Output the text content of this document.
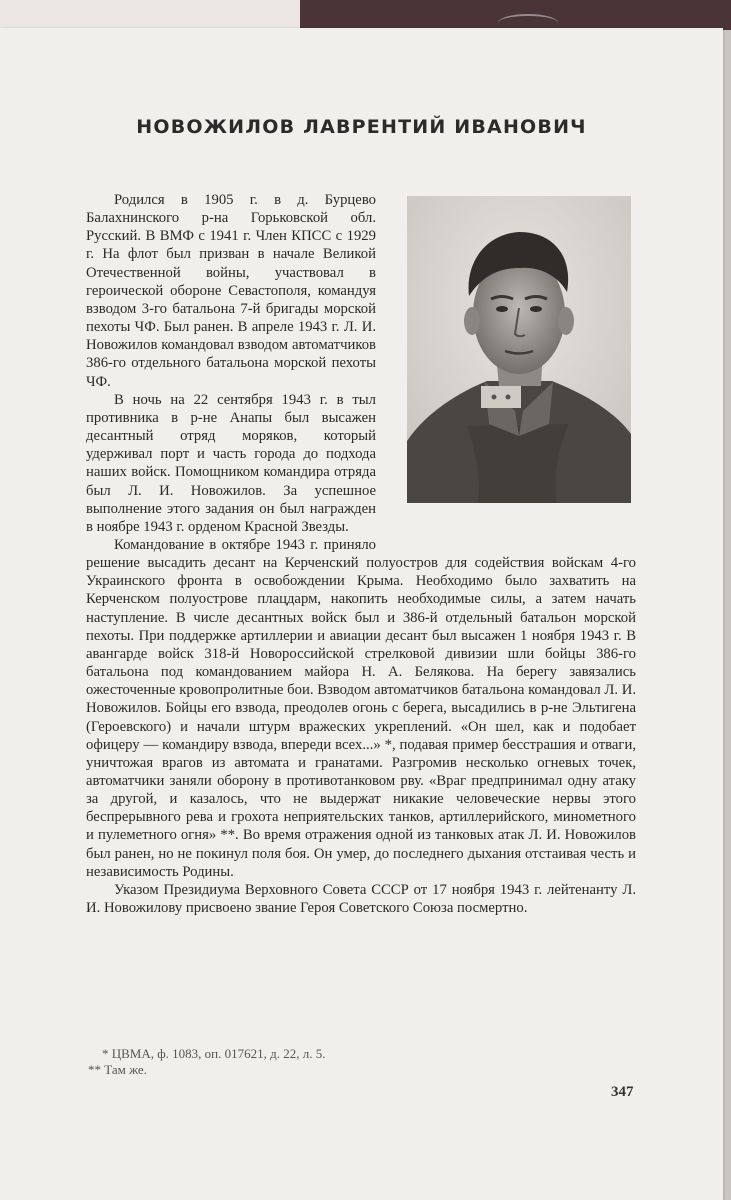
НОВОЖИЛОВ ЛАВРЕНТИЙ ИВАНОВИЧ

Родился в 1905 г. в д. Бурцево Балахнинского р-на Горьковской обл. Русский. В ВМФ с 1941 г. Член КПСС с 1929 г. На флот был призван в начале Великой Отечественной войны, участвовал в героической обороне Севастополя, командуя взводом 3-го батальона 7-й бригады морской пехоты ЧФ. Был ранен. В апреле 1943 г. Л. И. Новожилов командовал взводом автоматчиков 386-го отдельного батальона морской пехоты ЧФ.

В ночь на 22 сентября 1943 г. в тыл противника в р-не Анапы был высажен десантный отряд моряков, который удерживал порт и часть города до подхода наших войск. Помощником командира отряда был Л. И. Новожилов. За успешное выполнение этого задания он был награжден в ноябре 1943 г. орденом Красной Звезды.

Командование в октябре 1943 г. приняло решение высадить десант на Керченский полуостров для содействия войскам 4-го Украинского фронта в освобождении Крыма. Необходимо было захватить на Керченском полуострове плацдарм, накопить необходимые силы, а затем начать наступление. В числе десантных войск был и 386-й отдельный батальон морской пехоты. При поддержке артиллерии и авиации десант был высажен 1 ноября 1943 г. В авангарде войск 318-й Новороссийской стрелковой дивизии шли бойцы 386-го батальона под командованием майора Н. А. Белякова. На берегу завязались ожесточенные кровопролитные бои. Взводом автоматчиков батальона командовал Л. И. Новожилов. Бойцы его взвода, преодолев огонь с берега, высадились в р-не Эльтигена (Героевского) и начали штурм вражеских укреплений. «Он шел, как и подобает офицеру — командиру взвода, впереди всех...» *, подавая пример бесстрашия и отваги, уничтожая врагов из автомата и гранатами. Разгромив несколько огневых точек, автоматчики заняли оборону в противотанковом рву. «Враг предпринимал одну атаку за другой, и казалось, что не выдержат никакие человеческие нервы этого беспрерывного рева и грохота неприятельских танков, артиллерийского, минометного и пулеметного огня» **. Во время отражения одной из танковых атак Л. И. Новожилов был ранен, но не покинул поля боя. Он умер, до последнего дыхания отстаивая честь и независимость Родины.

Указом Президиума Верховного Совета СССР от 17 ноября 1943 г. лейтенанту Л. И. Новожилову присвоено звание Героя Советского Союза посмертно.

* ЦВМА, ф. 1083, оп. 017621, д. 22, л. 5.
** Там же.
347
